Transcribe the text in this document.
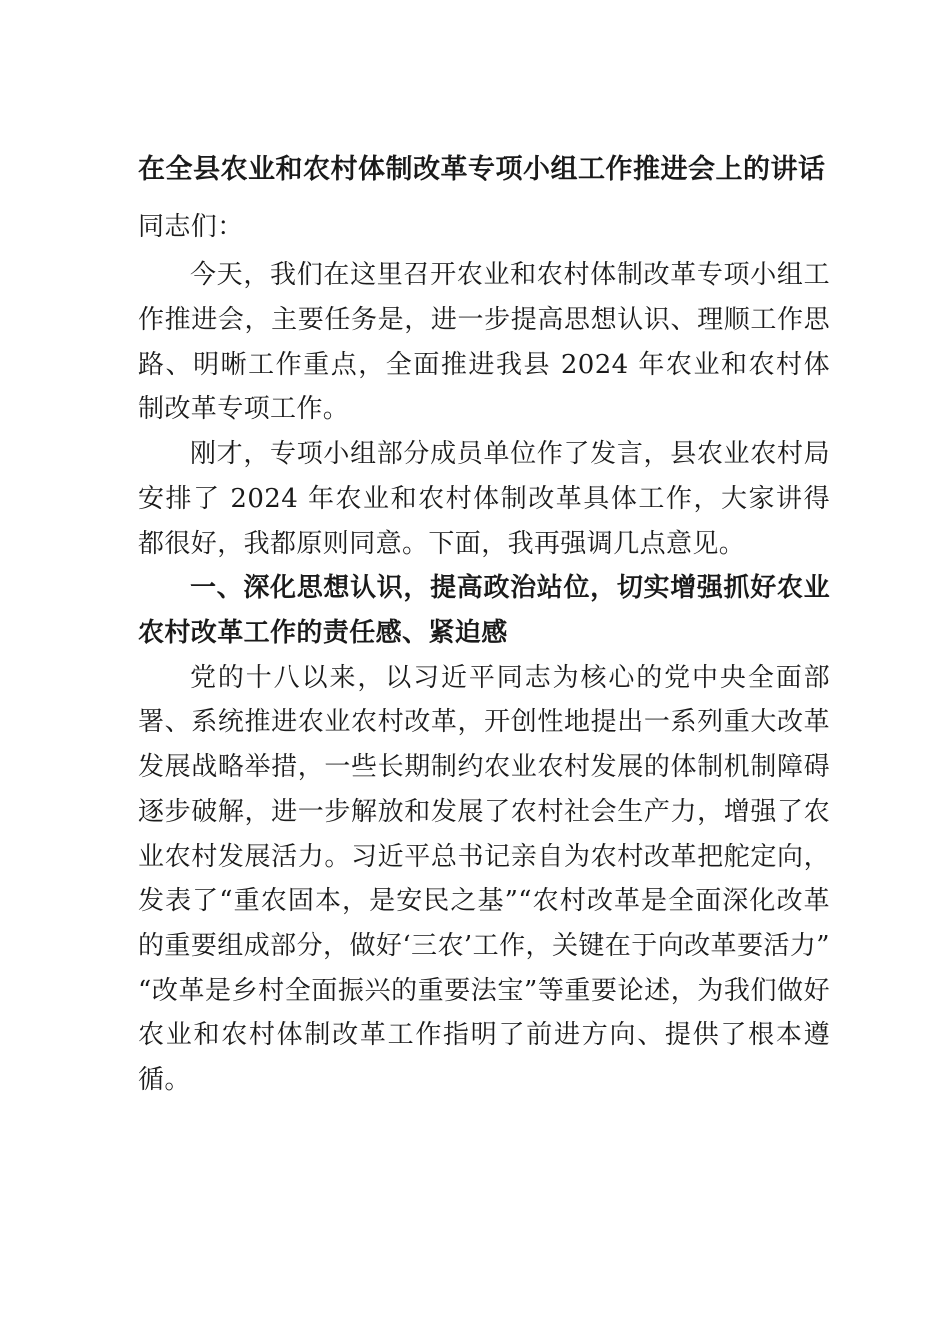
在全县农业和农村体制改革专项小组工作推进会上的讲话

同志们：

今天，我们在这里召开农业和农村体制改革专项小组工作推进会，主要任务是，进一步提高思想认识、理顺工作思路、明晰工作重点，全面推进我县 2024 年农业和农村体制改革专项工作。

刚才，专项小组部分成员单位作了发言，县农业农村局安排了 2024 年农业和农村体制改革具体工作，大家讲得都很好，我都原则同意。下面，我再强调几点意见。

一、深化思想认识，提高政治站位，切实增强抓好农业农村改革工作的责任感、紧迫感

党的十八以来，以习近平同志为核心的党中央全面部署、系统推进农业农村改革，开创性地提出一系列重大改革发展战略举措，一些长期制约农业农村发展的体制机制障碍逐步破解，进一步解放和发展了农村社会生产力，增强了农业农村发展活力。习近平总书记亲自为农村改革把舵定向，发表了“重农固本，是安民之基”“农村改革是全面深化改革的重要组成部分，做好‘三农’工作，关键在于向改革要活力”“改革是乡村全面振兴的重要法宝”等重要论述，为我们做好农业和农村体制改革工作指明了前进方向、提供了根本遵循。
